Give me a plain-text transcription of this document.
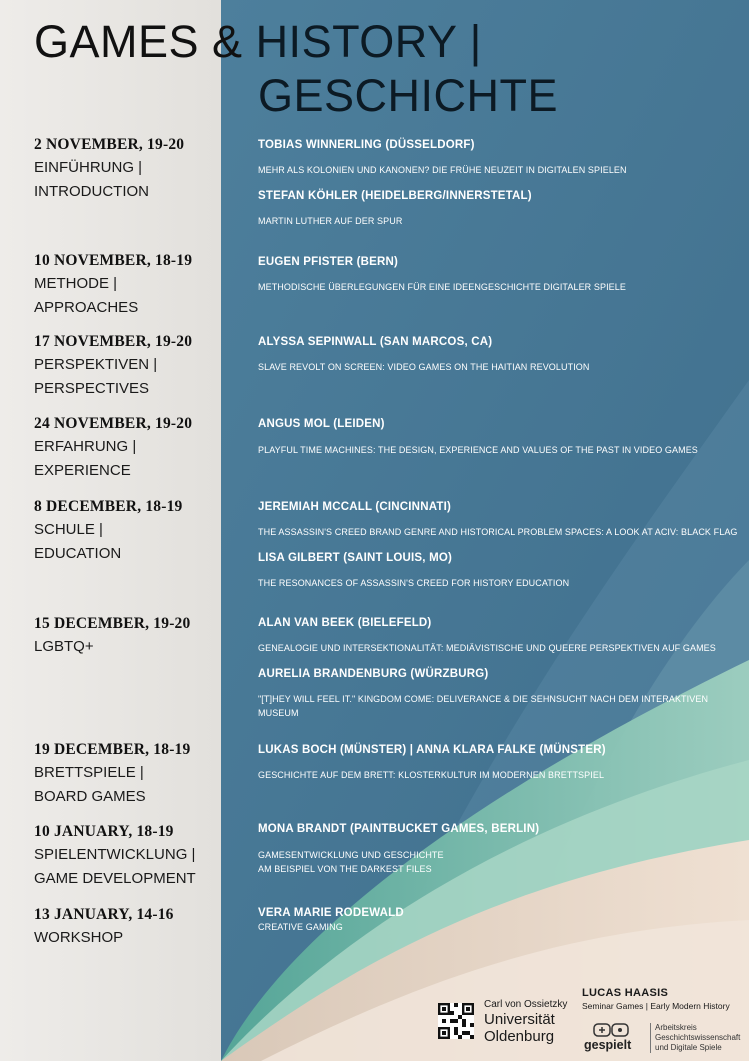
GAMES & HISTORY |
GESCHICHTE
2 NOVEMBER, 19-20
EINFÜHRUNG |
INTRODUCTION
TOBIAS WINNERLING (DÜSSELDORF)
MEHR ALS KOLONIEN UND KANONEN? DIE FRÜHE NEUZEIT IN DIGITALEN SPIELEN
STEFAN KÖHLER (HEIDELBERG/INNERSTETAL)
MARTIN LUTHER AUF DER SPUR
10 NOVEMBER, 18-19
METHODE |
APPROACHES
EUGEN PFISTER (BERN)
METHODISCHE ÜBERLEGUNGEN FÜR EINE IDEENGESCHICHTE DIGITALER SPIELE
17 NOVEMBER, 19-20
PERSPEKTIVEN |
PERSPECTIVES
ALYSSA SEPINWALL (SAN MARCOS, CA)
SLAVE REVOLT ON SCREEN: VIDEO GAMES ON THE HAITIAN REVOLUTION
24 NOVEMBER, 19-20
ERFAHRUNG |
EXPERIENCE
ANGUS MOL (LEIDEN)
PLAYFUL TIME MACHINES: THE DESIGN, EXPERIENCE AND VALUES OF THE PAST IN VIDEO GAMES
8 DECEMBER, 18-19
SCHULE |
EDUCATION
JEREMIAH MCCALL (CINCINNATI)
THE ASSASSIN'S CREED BRAND GENRE AND HISTORICAL PROBLEM SPACES: A LOOK AT ACIV: BLACK FLAG
LISA GILBERT (SAINT LOUIS, MO)
THE RESONANCES OF ASSASSIN'S CREED FOR HISTORY EDUCATION
15 DECEMBER, 19-20
LGBTQ+
ALAN VAN BEEK (BIELEFELD)
GENEALOGIE UND INTERSEKTIONALITÄT: MEDIÄVISTISCHE UND QUEERE PERSPEKTIVEN AUF GAMES
AURELIA BRANDENBURG (WÜRZBURG)
"[T]HEY WILL FEEL IT." KINGDOM COME: DELIVERANCE & DIE SEHNSUCHT NACH DEM INTERAKTIVEN
MUSEUM
19 DECEMBER, 18-19
BRETTSPIELE |
BOARD GAMES
LUKAS BOCH (MÜNSTER) | ANNA KLARA FALKE (MÜNSTER)
GESCHICHTE AUF DEM BRETT: KLOSTERKULTUR IM MODERNEN BRETTSPIEL
10 JANUARY, 18-19
SPIELENTWICKLUNG |
GAME DEVELOPMENT
MONA BRANDT (PAINTBUCKET GAMES, BERLIN)
GAMESENTWICKLUNG UND GESCHICHTE
AM BEISPIEL VON THE DARKEST FILES
13 JANUARY, 14-16
WORKSHOP
VERA MARIE RODEWALD
CREATIVE GAMING
Carl von Ossietzky
Universität
Oldenburg
LUCAS HAASIS
Seminar Games | Early Modern History
gespielt
Arbeitskreis
Geschichtswissenschaft
und Digitale Spiele
